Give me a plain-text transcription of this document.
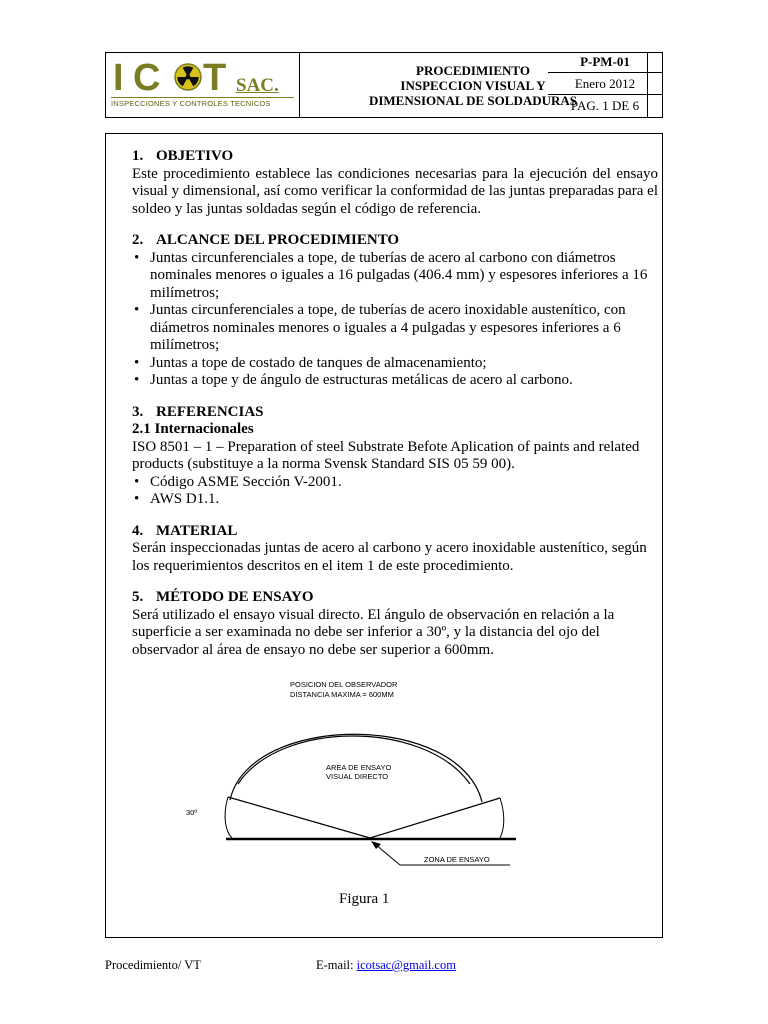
I C T SAC.
INSPECCIONES Y CONTROLES TECNICOS
PROCEDIMIENTO
INSPECCION VISUAL Y
DIMENSIONAL DE SOLDADURAS
P-PM-01
Enero 2012
PAG. 1 DE 6
1. OBJETIVO
Este procedimiento establece las condiciones necesarias para la ejecución del ensayo visual y dimensional, así como verificar la conformidad de las juntas preparadas para el soldeo y las juntas soldadas según el código de referencia.
2. ALCANCE DEL PROCEDIMIENTO
• Juntas circunferenciales a tope, de tuberías de acero al carbono con diámetros nominales menores o iguales a 16 pulgadas (406.4 mm) y espesores inferiores a 16 milímetros;
• Juntas circunferenciales a tope, de tuberías de acero inoxidable austenítico, con diámetros nominales menores o iguales a 4 pulgadas y espesores inferiores a 6 milímetros;
• Juntas a tope de costado de tanques de almacenamiento;
• Juntas a tope y de ángulo de estructuras metálicas de acero al carbono.
3. REFERENCIAS
2.1 Internacionales
ISO 8501 – 1 – Preparation of steel Substrate Befote Aplication of paints and related products (substituye a la norma Svensk Standard SIS 05 59 00).
• Código ASME Sección V-2001.
• AWS D1.1.
4. MATERIAL
Serán inspeccionadas juntas de acero al carbono y acero inoxidable austenítico, según los requerimientos descritos en el item 1 de este procedimiento.
5. MÉTODO DE ENSAYO
Será utilizado el ensayo visual directo. El ángulo de observación en relación a la superficie a ser examinada no debe ser inferior a 30º, y la distancia del ojo del observador al área de ensayo no debe ser superior a 600mm.
POSICION DEL OBSERVADOR
DISTANCIA MAXIMA = 600MM
AREA DE ENSAYO
VISUAL DIRECTO
30º
ZONA DE ENSAYO
Figura 1
Procedimiento/ VT	E-mail: icotsac@gmail.com
